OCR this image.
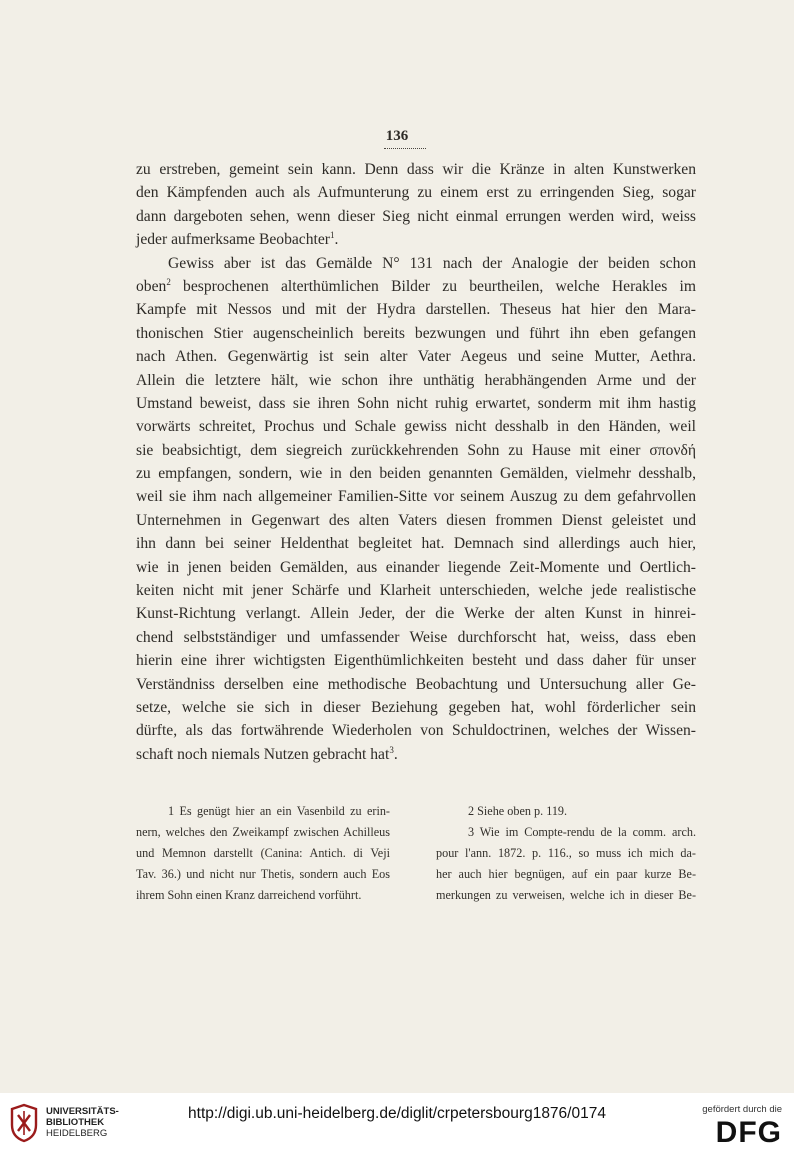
136
zu erstreben, gemeint sein kann. Denn dass wir die Kränze in alten Kunstwerken
den Kämpfenden auch als Aufmunterung zu einem erst zu erringenden Sieg, sogar
dann dargeboten sehen, wenn dieser Sieg nicht einmal errungen werden wird, weiss
jeder aufmerksame Beobachter$^1$.
Gewiss aber ist das Gemälde N° 131 nach der Analogie der beiden schon
oben$^2$ besprochenen alterthümlichen Bilder zu beurtheilen, welche Herakles im
Kampfe mit Nessos und mit der Hydra darstellen. Theseus hat hier den Mara-
thonischen Stier augenscheinlich bereits bezwungen und führt ihn eben gefangen
nach Athen. Gegenwärtig ist sein alter Vater Aegeus und seine Mutter, Aethra.
Allein die letztere hält, wie schon ihre unthätig herabhängenden Arme und der
Umstand beweist, dass sie ihren Sohn nicht ruhig erwartet, sonderm mit ihm hastig
vorwärts schreitet, Prochus und Schale gewiss nicht desshalb in den Händen, weil
sie beabsichtigt, dem siegreich zurückkehrenden Sohn zu Hause mit einer σπονδή
zu empfangen, sondern, wie in den beiden genannten Gemälden, vielmehr desshalb,
weil sie ihm nach allgemeiner Familien-Sitte vor seinem Auszug zu dem gefahrvollen
Unternehmen in Gegenwart des alten Vaters diesen frommen Dienst geleistet und
ihn dann bei seiner Heldenthat begleitet hat. Demnach sind allerdings auch hier,
wie in jenen beiden Gemälden, aus einander liegende Zeit-Momente und Oertlich-
keiten nicht mit jener Schärfe und Klarheit unterschieden, welche jede realistische
Kunst-Richtung verlangt. Allein Jeder, der die Werke der alten Kunst in hinrei-
chend selbstständiger und umfassender Weise durchforscht hat, weiss, dass eben
hierin eine ihrer wichtigsten Eigenthümlichkeiten besteht und dass daher für unser
Verständniss derselben eine methodische Beobachtung und Untersuchung aller Ge-
setze, welche sie sich in dieser Beziehung gegeben hat, wohl förderlicher sein
dürfte, als das fortwährende Wiederholen von Schuldoctrinen, welches der Wissen-
schaft noch niemals Nutzen gebracht hat$^3$.
1 Es genügt hier an ein Vasenbild zu erin-
nern, welches den Zweikampf zwischen Achilleus
und Memnon darstellt (Canina: Antich. di Veji
Tav. 36.) und nicht nur Thetis, sondern auch Eos
ihrem Sohn einen Kranz darreichend vorführt.
2 Siehe oben p. 119.
3 Wie im Compte-rendu de la comm. arch.
pour l'ann. 1872. p. 116., so muss ich mich da-
her auch hier begnügen, auf ein paar kurze Be-
merkungen zu verweisen, welche ich in dieser Be-
UNIVERSITÄTS-
BIBLIOTHEK
HEIDELBERG
http://digi.ub.uni-heidelberg.de/diglit/crpetersbourg1876/0174	gefördert durch die
DFG
